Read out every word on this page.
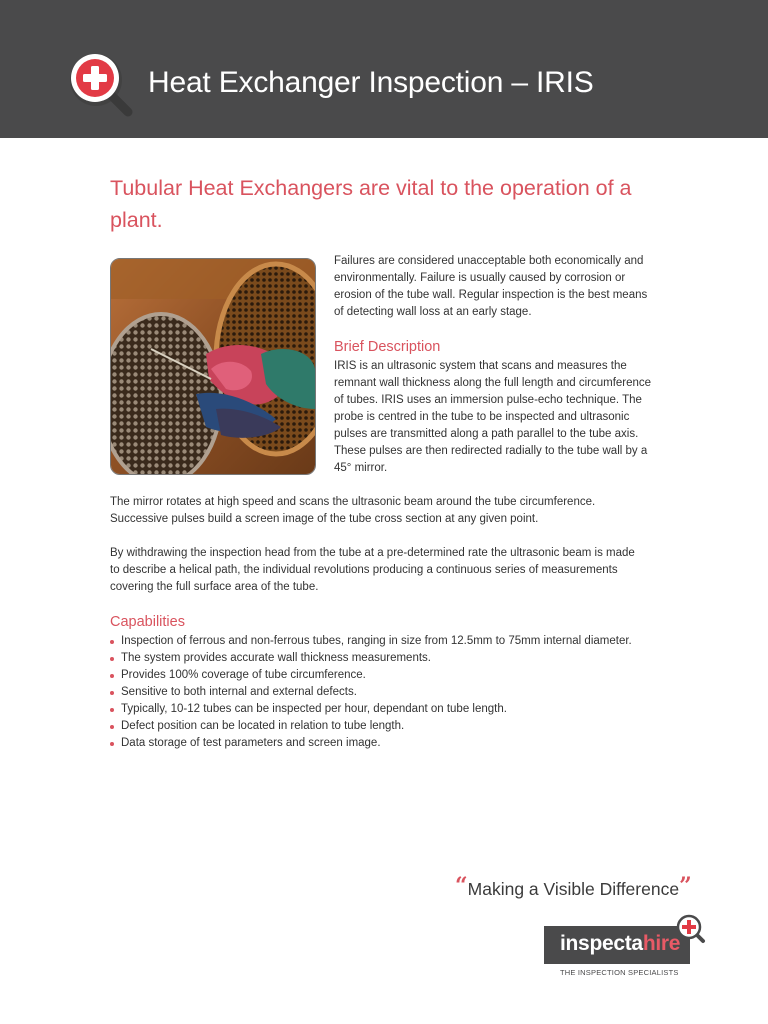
Heat Exchanger Inspection – IRIS
Tubular Heat Exchangers are vital to the operation of a plant.

Failures are considered unacceptable both economically and environmentally. Failure is usually caused by corrosion or erosion of the tube wall. Regular inspection is the best means of detecting wall loss at an early stage.

Brief Description

IRIS is an ultrasonic system that scans and measures the remnant wall thickness along the full length and circumference of tubes. IRIS uses an immersion pulse-echo technique. The probe is centred in the tube to be inspected and ultrasonic pulses are transmitted along a path parallel to the tube axis. These pulses are then redirected radially to the tube wall by a 45° mirror.

The mirror rotates at high speed and scans the ultrasonic beam around the tube circumference. Successive pulses build a screen image of the tube cross section at any given point.

By withdrawing the inspection head from the tube at a pre-determined rate the ultrasonic beam is made to describe a helical path, the individual revolutions producing a continuous series of measurements covering the full surface area of the tube.

Capabilities
Inspection of ferrous and non-ferrous tubes, ranging in size from 12.5mm to 75mm internal diameter.
The system provides accurate wall thickness measurements.
Provides 100% coverage of tube circumference.
Sensitive to both internal and external defects.
Typically, 10-12 tubes can be inspected per hour, dependant on tube length.
Defect position can be located in relation to tube length.
Data storage of test parameters and screen image.
“Making a Visible Difference”
inspectahire
THE INSPECTION SPECIALISTS
